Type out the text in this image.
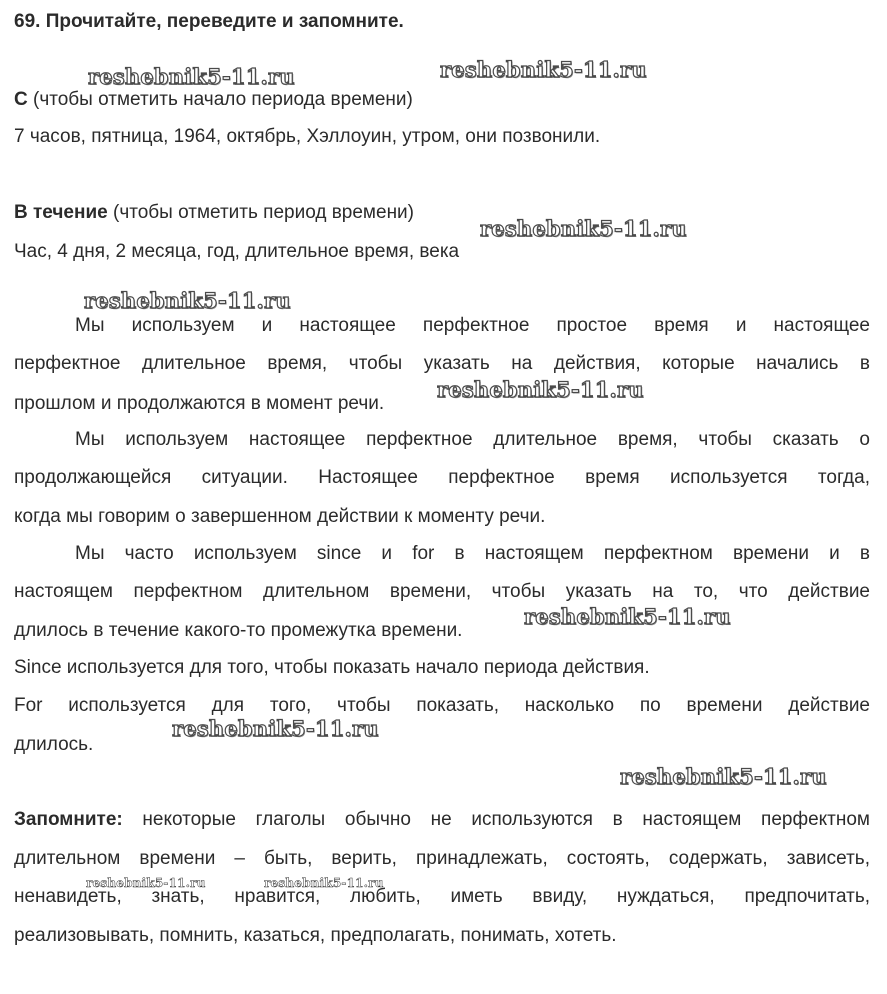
69. Прочитайте, переведите и запомните.
С (чтобы отметить начало периода времени)
7 часов, пятница, 1964, октябрь, Хэллоуин, утром, они позвонили.
В течение (чтобы отметить период времени)
Час, 4 дня, 2 месяца, год, длительное время, века
Мы используем и настоящее перфектное простое время и настоящее
перфектное длительное время, чтобы указать на действия, которые начались в
прошлом и продолжаются в момент речи.
Мы используем настоящее перфектное длительное время, чтобы сказать о
продолжающейся ситуации. Настоящее перфектное время используется тогда,
когда мы говорим о завершенном действии к моменту речи.
Мы часто используем since и for в настоящем перфектном времени и в
настоящем перфектном длительном времени, чтобы указать на то, что действие
длилось в течение какого-то промежутка времени.
Since используется для того, чтобы показать начало периода действия.
For используется для того, чтобы показать, насколько по времени действие
длилось.
Запомните: некоторые глаголы обычно не используются в настоящем перфектном
длительном времени – быть, верить, принадлежать, состоять, содержать, зависеть,
ненавидеть, знать, нравится, любить, иметь ввиду, нуждаться, предпочитать,
реализовывать, помнить, казаться, предполагать, понимать, хотеть.
reshebnik5-11.ru	reshebnik5-11.ru
reshebnik5-11.ru
reshebnik5-11.ru
reshebnik5-11.ru
reshebnik5-11.ru
reshebnik5-11.ru
reshebnik5-11.ru
reshebnik5-11.ru	reshebnik5-11.ru
